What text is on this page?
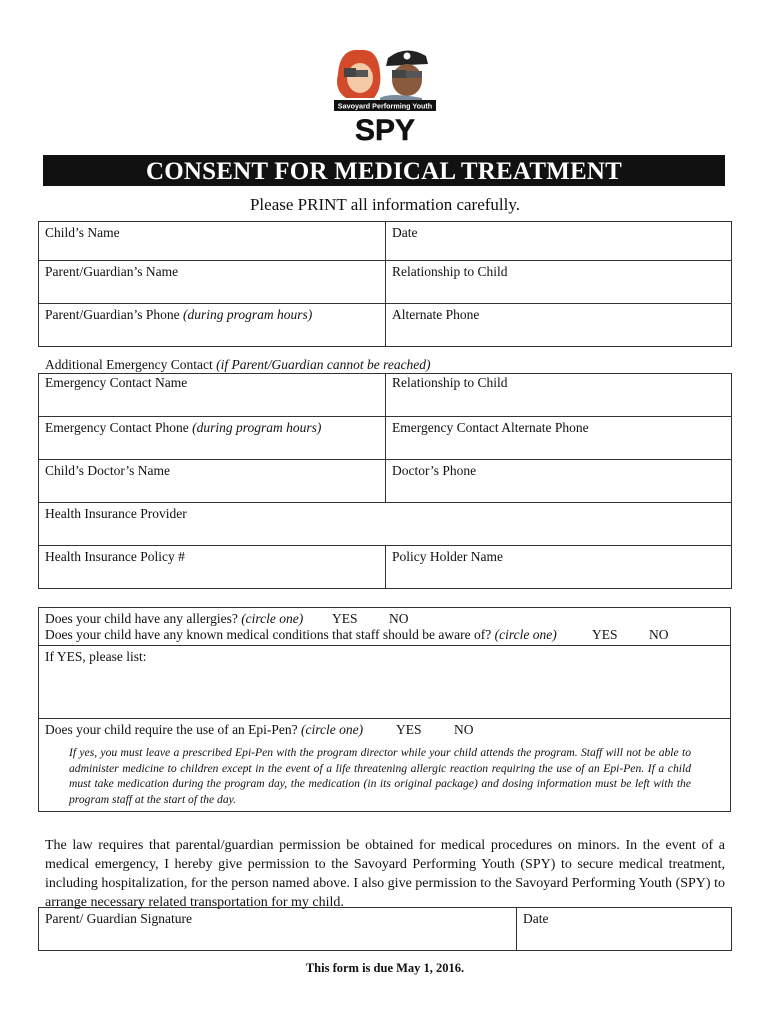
Savoyard Performing Youth
SPY
CONSENT FOR MEDICAL TREATMENT
Please PRINT all information carefully.
Child’s Name	Date
Parent/Guardian’s Name	Relationship to Child
Parent/Guardian’s Phone (during program hours)	Alternate Phone
Additional Emergency Contact (if Parent/Guardian cannot be reached)
Emergency Contact Name	Relationship to Child
Emergency Contact Phone (during program hours)	Emergency Contact Alternate Phone
Child’s Doctor’s Name	Doctor’s Phone
Health Insurance Provider	
Health Insurance Policy #	Policy Holder Name
Does your child have any allergies? (circle one) YES NO
Does your child have any known medical conditions that staff should be aware of? (circle one)	YES NO
If YES, please list:
Does your child require the use of an Epi-Pen? (circle one) YES NO
If yes, you must leave a prescribed Epi-Pen with the program director while your child attends the program. Staff will not be able to administer medicine to children except in the event of a life threatening allergic reaction requiring the use of an Epi-Pen. If a child must take medication during the program day, the medication (in its original package) and dosing information must be left with the program staff at the start of the day.
The law requires that parental/guardian permission be obtained for medical procedures on minors. In the event of a medical emergency, I hereby give permission to the Savoyard Performing Youth (SPY) to secure medical treatment, including hospitalization, for the person named above. I also give permission to the Savoyard Performing Youth (SPY) to arrange necessary related transportation for my child.
Parent/ Guardian Signature	Date
This form is due May 1, 2016.
